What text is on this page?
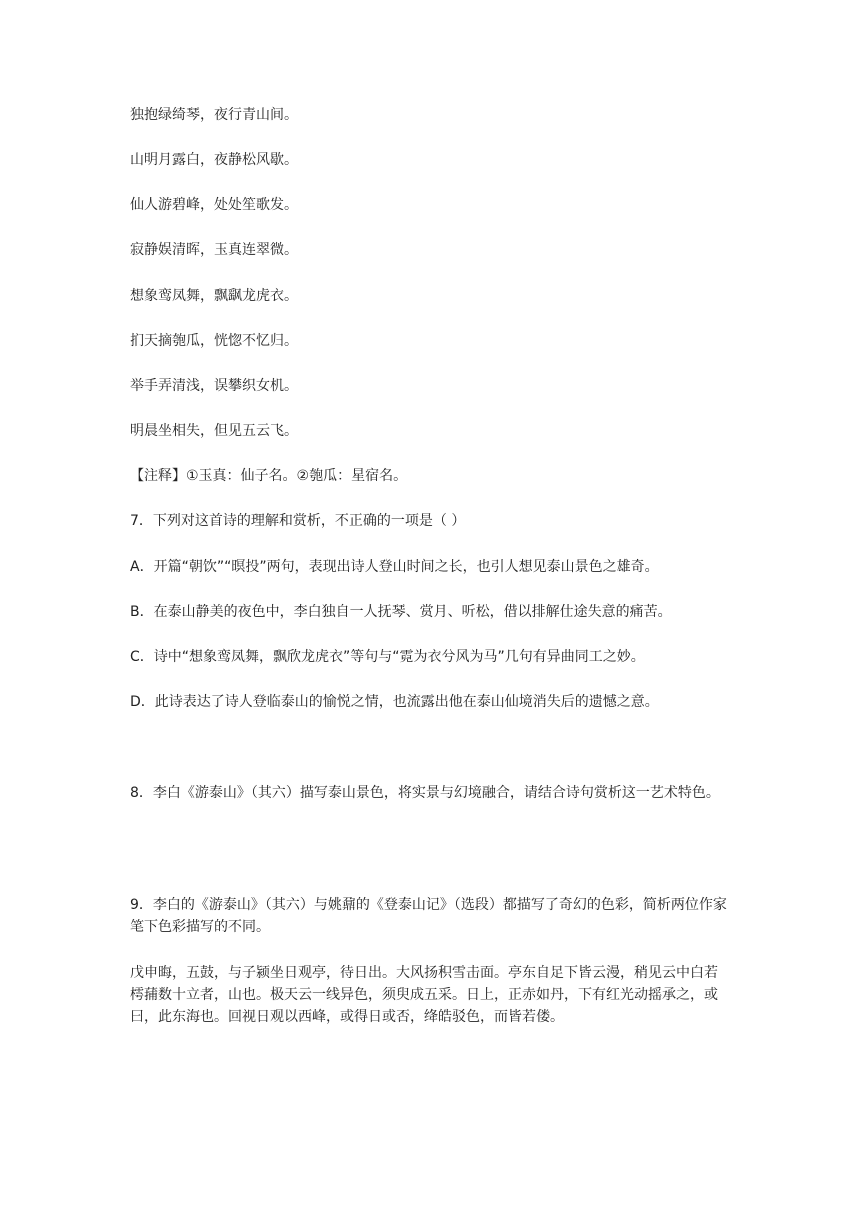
独抱绿绮琴，夜行青山间。
山明月露白，夜静松风歇。
仙人游碧峰，处处笙歌发。
寂静娱清晖，玉真连翠微。
想象鸾凤舞，飘飖龙虎衣。
扪天摘匏瓜，恍惚不忆归。
举手弄清浅，误攀织女机。
明晨坐相失，但见五云飞。
【注释】①玉真：仙子名。②匏瓜：星宿名。
7．下列对这首诗的理解和赏析，不正确的一项是（ ）
A．开篇“朝饮”“暝投”两句，表现出诗人登山时间之长，也引人想见泰山景色之雄奇。
B．在泰山静美的夜色中，李白独自一人抚琴、赏月、听松，借以排解仕途失意的痛苦。
C．诗中“想象鸾凤舞，飘欣龙虎衣”等句与“霓为衣兮风为马”几句有异曲同工之妙。
D．此诗表达了诗人登临泰山的愉悦之情，也流露出他在泰山仙境消失后的遗憾之意。
8．李白《游泰山》（其六）描写泰山景色，将实景与幻境融合，请结合诗句赏析这一艺术特色。
9．李白的《游泰山》（其六）与姚鼐的《登泰山记》（选段）都描写了奇幻的色彩，简析两位作家笔下色彩描写的不同。
戊申晦，五鼓，与子颍坐日观亭，待日出。大风扬积雪击面。亭东自足下皆云漫，稍见云中白若樗蒱数十立者，山也。极天云一线异色，须臾成五采。日上，正赤如丹，下有红光动摇承之，或曰，此东海也。回视日观以西峰，或得日或否，绛皓驳色，而皆若偻。
